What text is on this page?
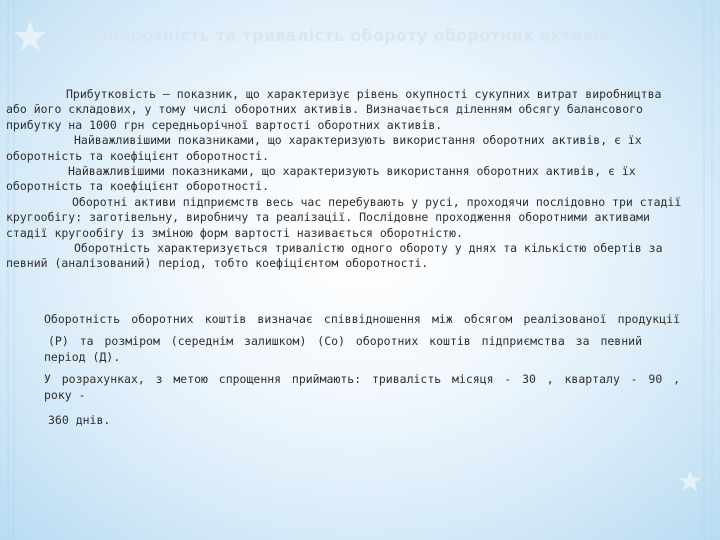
4.Оборотність та тривалість обороту оборотних активів.

Прибутковість — показник, що характеризує рівень окупності сукупних витрат виробництва або його складових, у тому числі оборотних активів. Визначається діленням обсягу балансового прибутку на 1000 грн середньорічної вартості оборотних активів.

Найважливішими показниками, що характеризують використання оборотних активів, є їх оборотність та коефіцієнт оборотності.

Найважливішими показниками, що характеризують використання оборотних активів, є їх оборотність та коефіцієнт оборотності.

Оборотні активи підприємств весь час перебувають у русі, проходячи послідовно три стадії кругообігу: заготівельну, виробничу та реалізації. Послідовне проходження оборотними активами стадії кругообігу із зміною форм вартості називається оборотністю.

Оборотність характеризується тривалістю одного обороту у днях та кількістю обертів за певний (аналізований) період, тобто коефіцієнтом оборотності.

Оборотність оборотних коштів визначає співвідношення між обсягом реалізованої продукції
(Р) та розміром (середнім залишком) (Со) оборотних коштів підприємства за певний
період (Д).
У розрахунках, з метою спрощення приймають: тривалість місяця - 30 , кварталу - 90 ,
року -
360 днів.
